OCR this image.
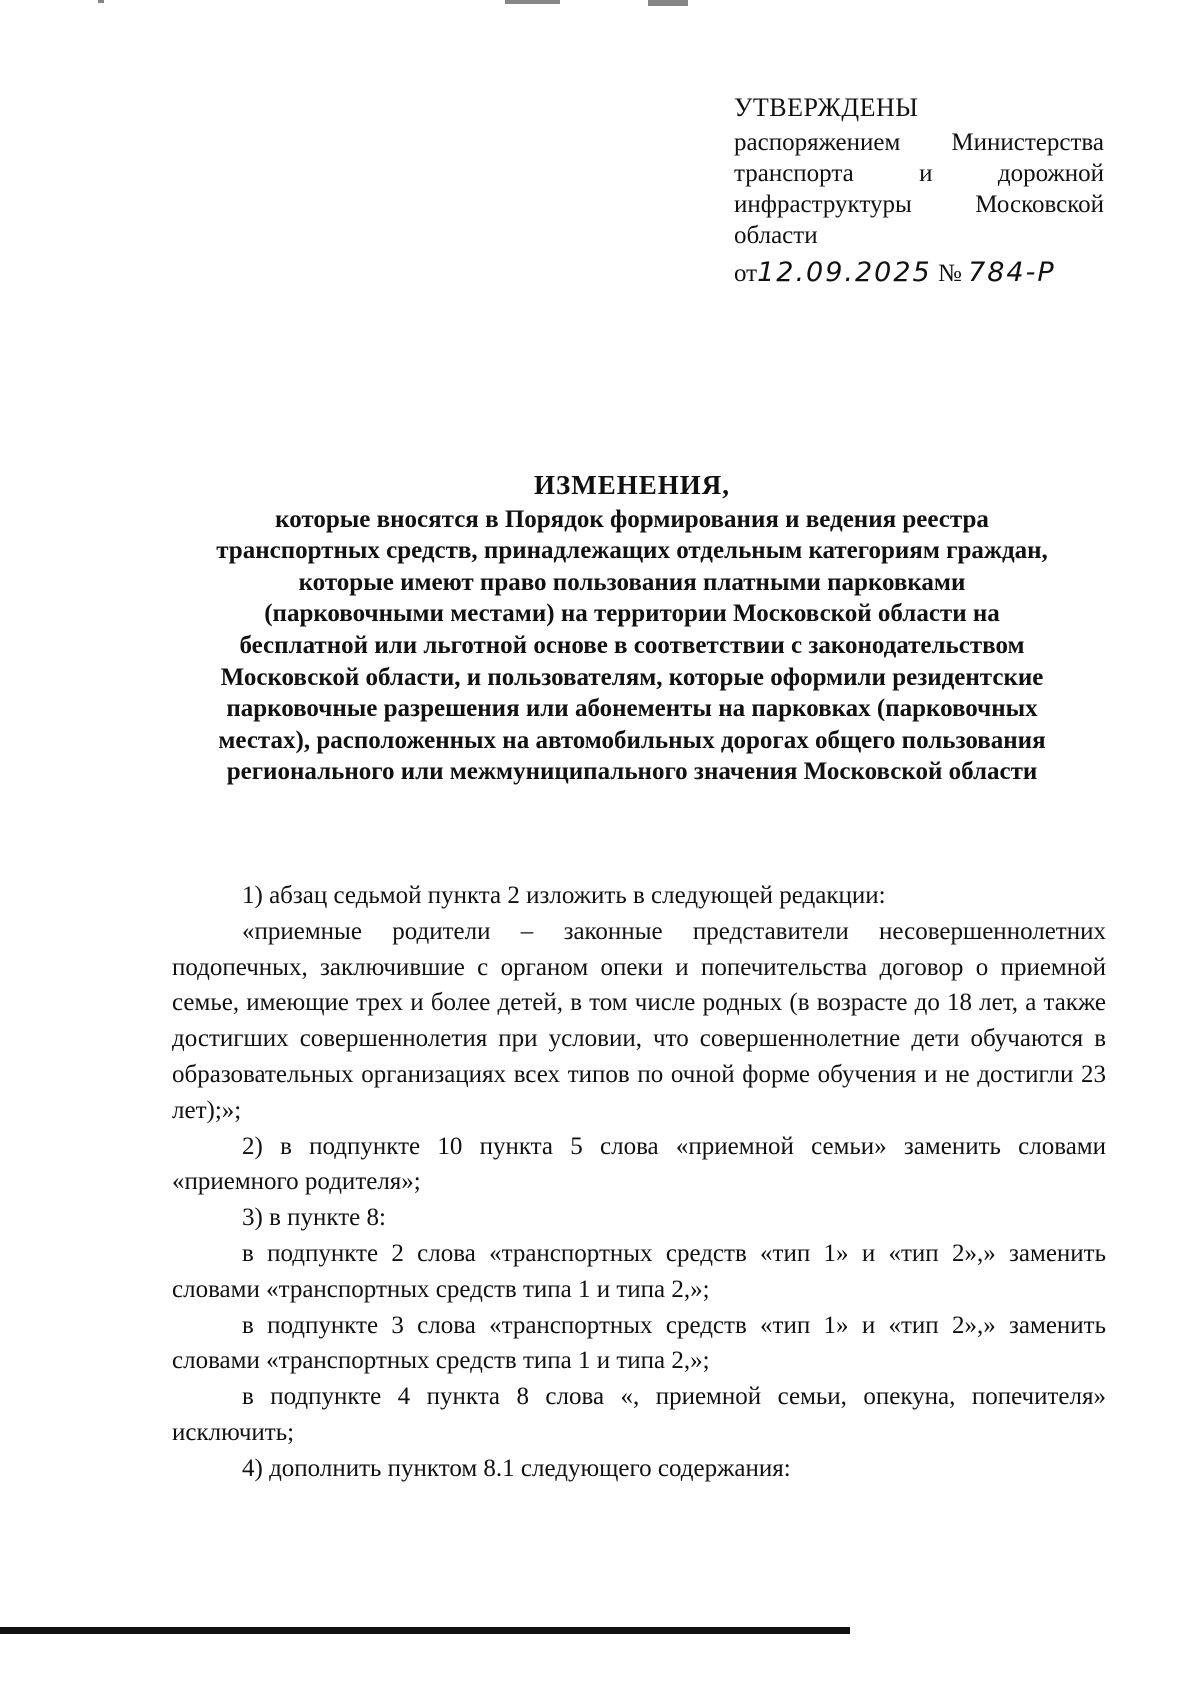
УТВЕРЖДЕНЫ
распоряжением Министерства
транспорта и дорожной
инфраструктуры Московской
области
от12.09.2025 № 784-Р
ИЗМЕНЕНИЯ,
которые вносятся в Порядок формирования и ведения реестра
транспортных средств, принадлежащих отдельным категориям граждан,
которые имеют право пользования платными парковками
(парковочными местами) на территории Московской области на
бесплатной или льготной основе в соответствии с законодательством
Московской области, и пользователям, которые оформили резидентские
парковочные разрешения или абонементы на парковках (парковочных
местах), расположенных на автомобильных дорогах общего пользования
регионального или межмуниципального значения Московской области

1) абзац седьмой пункта 2 изложить в следующей редакции:

«приемные родители – законные представители несовершеннолетних подопечных, заключившие с органом опеки и попечительства договор о приемной семье, имеющие трех и более детей, в том числе родных (в возрасте до 18 лет, а также достигших совершеннолетия при условии, что совершеннолетние дети обучаются в образовательных организациях всех типов по очной форме обучения и не достигли 23 лет);»;

2) в подпункте 10 пункта 5 слова «приемной семьи» заменить словами «приемного родителя»;

3) в пункте 8:

в подпункте 2 слова «транспортных средств «тип 1» и «тип 2»,» заменить словами «транспортных средств типа 1 и типа 2,»;

в подпункте 3 слова «транспортных средств «тип 1» и «тип 2»,» заменить словами «транспортных средств типа 1 и типа 2,»;

в подпункте 4 пункта 8 слова «, приемной семьи, опекуна, попечителя» исключить;

4) дополнить пунктом 8.1 следующего содержания:
